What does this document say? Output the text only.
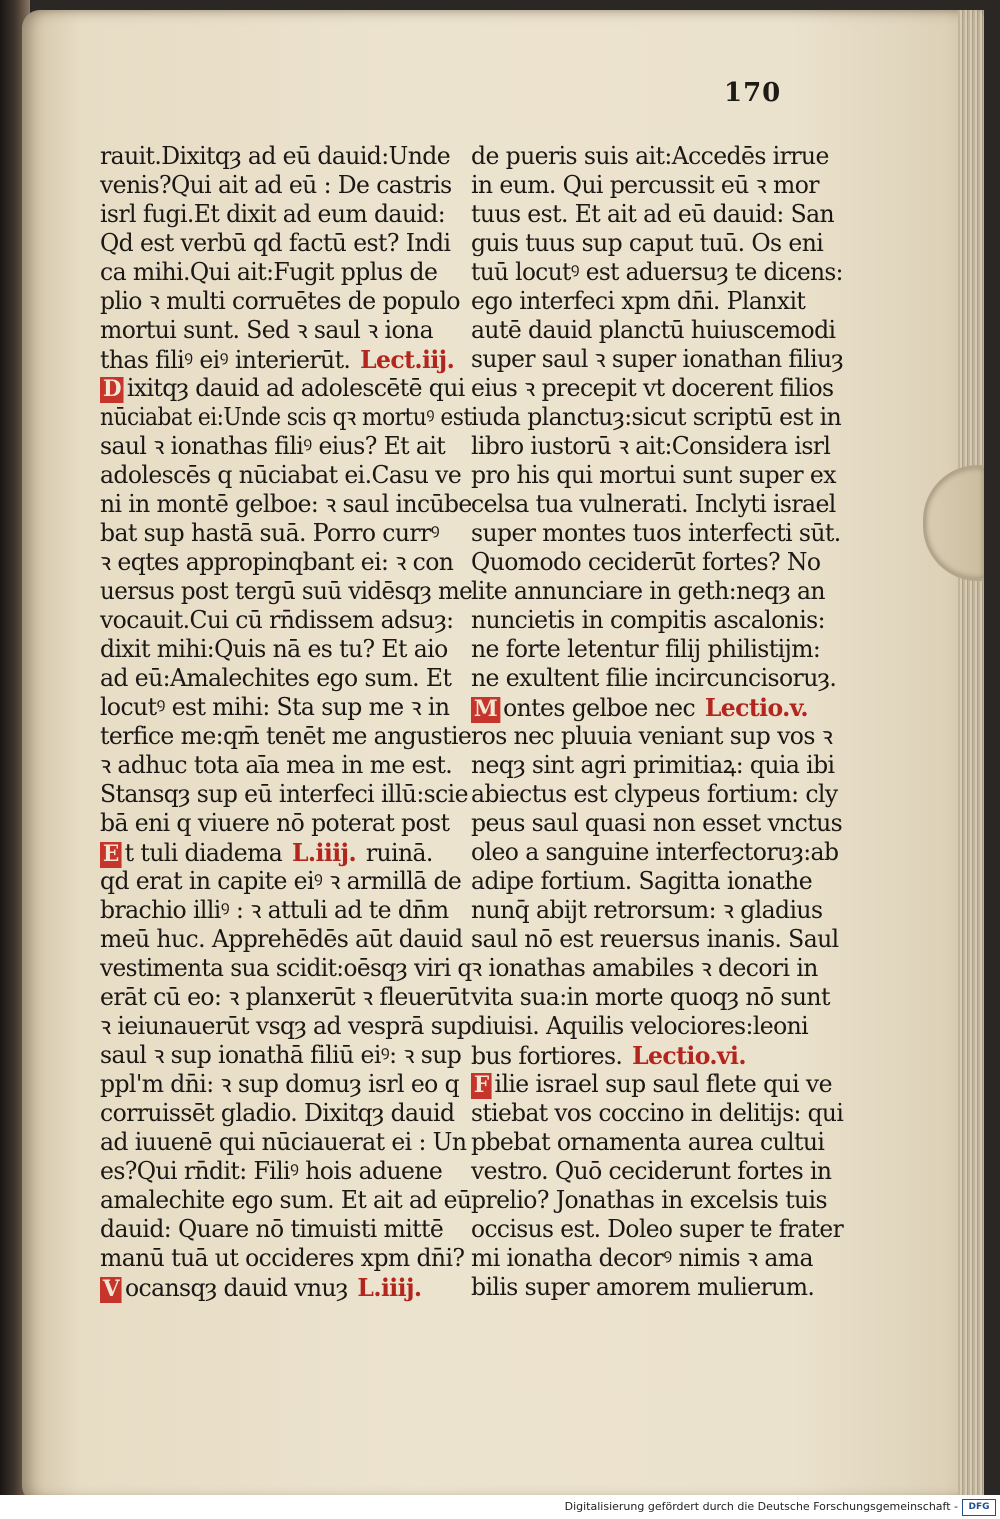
170
rauit.Dixitqȝ ad eū dauid:Unde
venis?Qui ait ad eū : De castris
isrl fugi.Et dixit ad eum dauid:
Qd est verbū qd factū est? Indi
ca mihi.Qui ait:Fugit pplus de
plio ꝛ multi corruētes de populo
mortui sunt. Sed ꝛ saul ꝛ iona
thas filiꝰ eiꝰ interierūt. Lect.iij.
D ixitqȝ dauid ad adolescētē qui
nūciabat ei:Unde scis qꝛ mortuꝰ est
saul ꝛ ionathas filiꝰ eius? Et ait
adolescēs q nūciabat ei.Casu ve
ni in montē gelboe: ꝛ saul incūbe
bat sup hastā suā. Porro currꝰ
ꝛ eqtes appropinqbant ei: ꝛ con
uersus post tergū suū vidēsqȝ me
vocauit.Cui cū rn̄dissem adsuȝ:
dixit mihi:Quis nā es tu? Et aio
ad eū:Amalechites ego sum. Et
locutꝰ est mihi: Sta sup me ꝛ in
terfice me:qm̄ tenēt me angustie
ꝛ adhuc tota aīa mea in me est.
Stansqȝ sup eū interfeci illū:scie
bā eni q viuere nō poterat post
E t tuli diadema L.iiij. ruinā.
qd erat in capite eiꝰ ꝛ armillā de
brachio illiꝰ : ꝛ attuli ad te dn̄m
meū huc. Apprehēdēs aūt dauid
vestimenta sua scidit:oēsqȝ viri q
erāt cū eo: ꝛ planxerūt ꝛ fleuerūt
ꝛ ieiunauerūt vsqȝ ad vesprā sup
saul ꝛ sup ionathā filiū eiꝰ: ꝛ sup
ppl'm dn̄i: ꝛ sup domuȝ isrl eo q
corruissēt gladio. Dixitqȝ dauid
ad iuuenē qui nūciauerat ei : Un
es?Qui rn̄dit: Filiꝰ hois aduene
amalechite ego sum. Et ait ad eū
dauid: Quare nō timuisti mittē
manū tuā ut occideres xpm dn̄i?
V ocansqȝ dauid vnuȝ L.iiij.
de pueris suis ait:Accedēs irrue
in eum. Qui percussit eū ꝛ mor
tuus est. Et ait ad eū dauid: San
guis tuus sup caput tuū. Os eni
tuū locutꝰ est aduersuȝ te dicens:
ego interfeci xpm dn̄i. Planxit
autē dauid planctū huiuscemodi
super saul ꝛ super ionathan filiuȝ
eius ꝛ precepit vt docerent filios
iuda planctuȝ:sicut scriptū est in
libro iustorū ꝛ ait:Considera isrl
pro his qui mortui sunt super ex
celsa tua vulnerati. Inclyti israel
super montes tuos interfecti sūt.
Quomodo ceciderūt fortes? No
lite annunciare in geth:neqȝ an
nuncietis in compitis ascalonis:
ne forte letentur filij philistijm:
ne exultent filie incircuncisoruȝ.
M ontes gelboe nec Lectio.v.
ros nec pluuia veniant sup vos ꝛ
neqȝ sint agri primitiaꝝ: quia ibi
abiectus est clypeus fortium: cly
peus saul quasi non esset vnctus
oleo a sanguine interfectoruȝ:ab
adipe fortium. Sagitta ionathe
nunq̄ abijt retrorsum: ꝛ gladius
saul nō est reuersus inanis. Saul
ꝛ ionathas amabiles ꝛ decori in
vita sua:in morte quoqȝ nō sunt
diuisi. Aquilis velociores:leoni
bus fortiores. Lectio.vi.
F ilie israel sup saul flete qui ve
stiebat vos coccino in delitijs: qui
pbebat ornamenta aurea cultui
vestro. Quō ceciderunt fortes in
prelio? Jonathas in excelsis tuis
occisus est. Doleo super te frater
mi ionatha decorꝰ nimis ꝛ ama
bilis super amorem mulierum.
Digitalisierung gefördert durch die Deutsche Forschungsgemeinschaft -	DFG
